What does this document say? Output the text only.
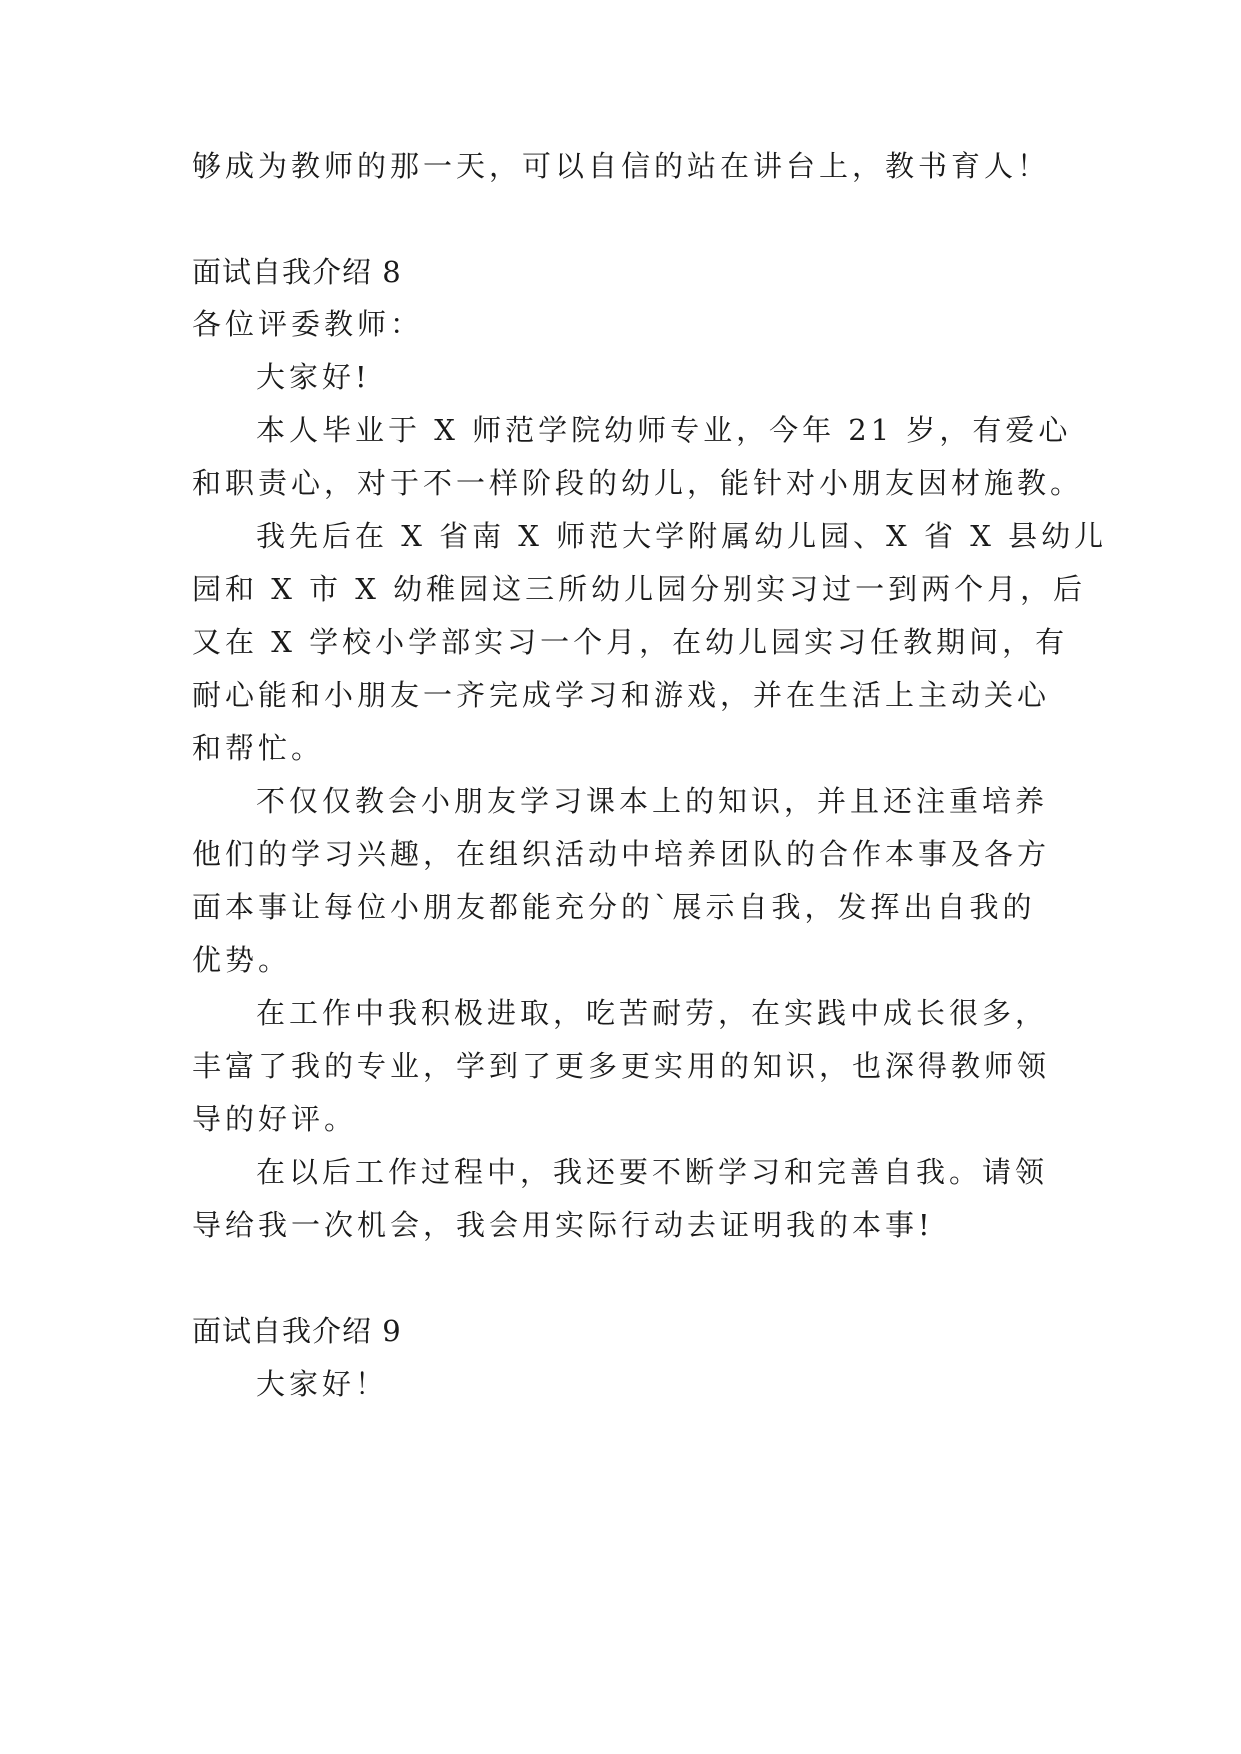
够成为教师的那一天，可以自信的站在讲台上，教书育人！
面试自我介绍 8
各位评委教师：
大家好!
本人毕业于 X 师范学院幼师专业，今年 21 岁，有爱心
和职责心，对于不一样阶段的幼儿，能针对小朋友因材施教。
我先后在 X 省南 X 师范大学附属幼儿园、X 省 X 县幼儿
园和 X 市 X 幼稚园这三所幼儿园分别实习过一到两个月，后
又在 X 学校小学部实习一个月，在幼儿园实习任教期间，有
耐心能和小朋友一齐完成学习和游戏，并在生活上主动关心
和帮忙。
不仅仅教会小朋友学习课本上的知识，并且还注重培养
他们的学习兴趣，在组织活动中培养团队的合作本事及各方
面本事让每位小朋友都能充分的`展示自我，发挥出自我的
优势。
在工作中我积极进取，吃苦耐劳，在实践中成长很多，
丰富了我的专业，学到了更多更实用的知识，也深得教师领
导的好评。
在以后工作过程中，我还要不断学习和完善自我。请领
导给我一次机会，我会用实际行动去证明我的本事!
面试自我介绍 9
大家好！
